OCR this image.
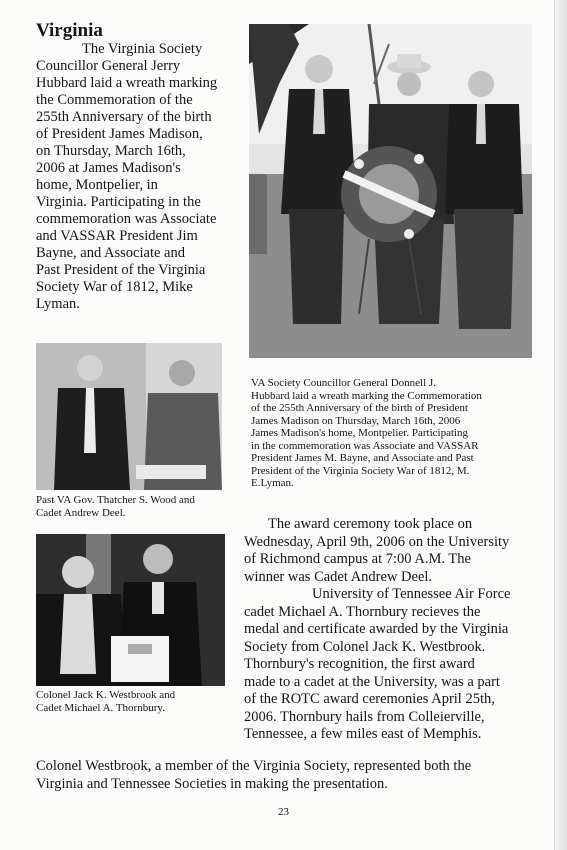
Virginia

The Virginia Society

Councillor General Jerry

Hubbard laid a wreath marking

the Commemoration of the

255th Anniversary of the birth

of President James Madison,

on Thursday, March 16th,

2006 at James Madison's

home, Montpelier, in

Virginia. Participating in the

commemoration was Associate

and VASSAR President Jim

Bayne, and Associate and

Past President of the Virginia

Society War of 1812, Mike

Lyman.

VA Society Councillor General Donnell J.
Hubbard laid a wreath marking the Commemoration
of the 255th Anniversary of the birth of President
James Madison on Thursday, March 16th, 2006
James Madison's home, Montpelier. Participating
in the commemoration was Associate and VASSAR
President James M. Bayne, and Associate and Past
President of the Virginia Society War of 1812, M.
E.Lyman.
Past VA Gov. Thatcher S. Wood and
Cadet Andrew Deel.
Colonel Jack K. Westbrook and
Cadet Michael A. Thornbury.

The award ceremony took place on

Wednesday, April 9th, 2006 on the University

of Richmond campus at 7:00 A.M. The

winner was Cadet Andrew Deel.

University of Tennessee Air Force

cadet Michael A. Thornbury recieves the

medal and certificate awarded by the Virginia

Society from Colonel Jack K. Westbrook.

Thornbury's recognition, the first award

made to a cadet at the University, was a part

of the ROTC award ceremonies April 25th,

2006. Thornbury hails from Colleierville,

Tennessee, a few miles east of Memphis.

Colonel Westbrook, a member of the Virginia Society, represented both the

Virginia and Tennessee Societies in making the presentation.

23
